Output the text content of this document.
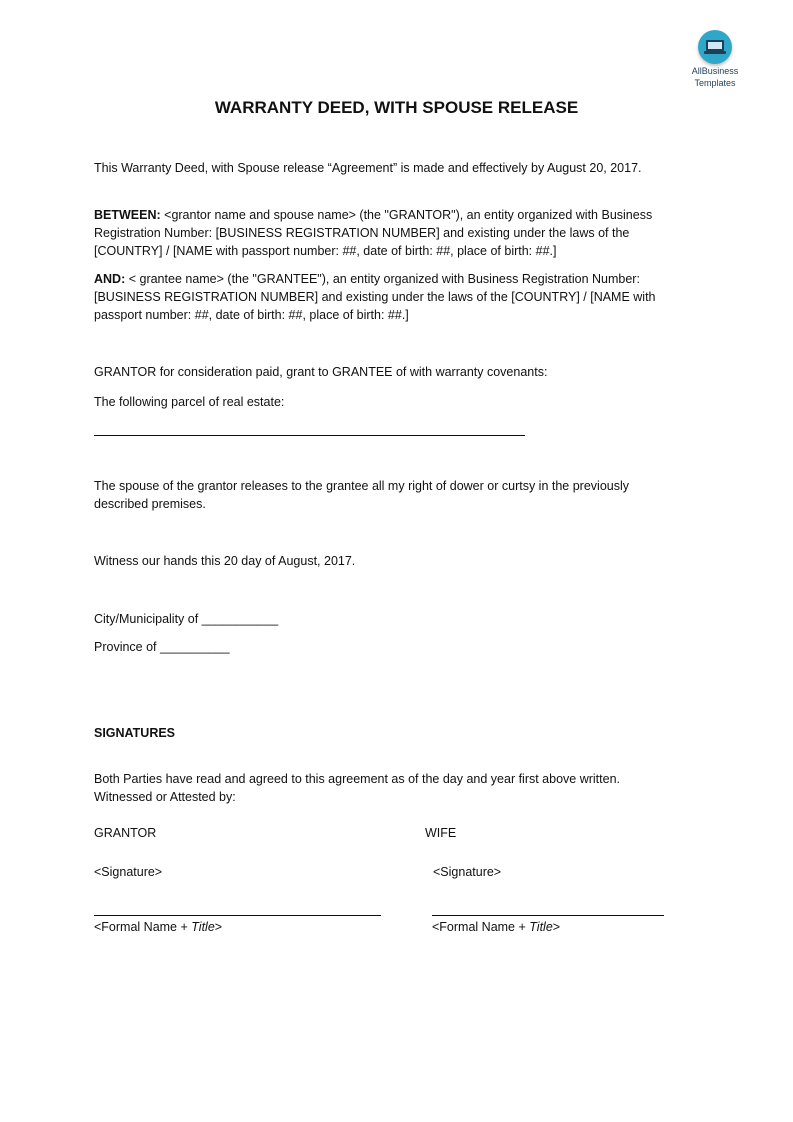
AllBusiness
Templates
WARRANTY DEED, WITH SPOUSE RELEASE

This Warranty Deed, with Spouse release “Agreement” is made and effectively by August 20, 2017.

BETWEEN: <grantor name and spouse name> (the "GRANTOR"), an entity organized with Business Registration Number: [BUSINESS REGISTRATION NUMBER] and existing under the laws of the [COUNTRY] / [NAME with passport number: ##, date of birth: ##, place of birth: ##.]

AND: < grantee name> (the "GRANTEE"), an entity organized with Business Registration Number: [BUSINESS REGISTRATION NUMBER] and existing under the laws of the [COUNTRY] / [NAME with passport number: ##, date of birth: ##, place of birth: ##.]

GRANTOR for consideration paid, grant to GRANTEE of with warranty covenants:

The following parcel of real estate:

The spouse of the grantor releases to the grantee all my right of dower or curtsy in the previously described premises.

Witness our hands this 20 day of August, 2017.

City/Municipality of ___________

Province of __________

SIGNATURES

Both Parties have read and agreed to this agreement as of the day and year first above written. Witnessed or Attested by:

GRANTOR	WIFE
<Signature>	<Signature>
<Formal Name + Title>	<Formal Name + Title>
